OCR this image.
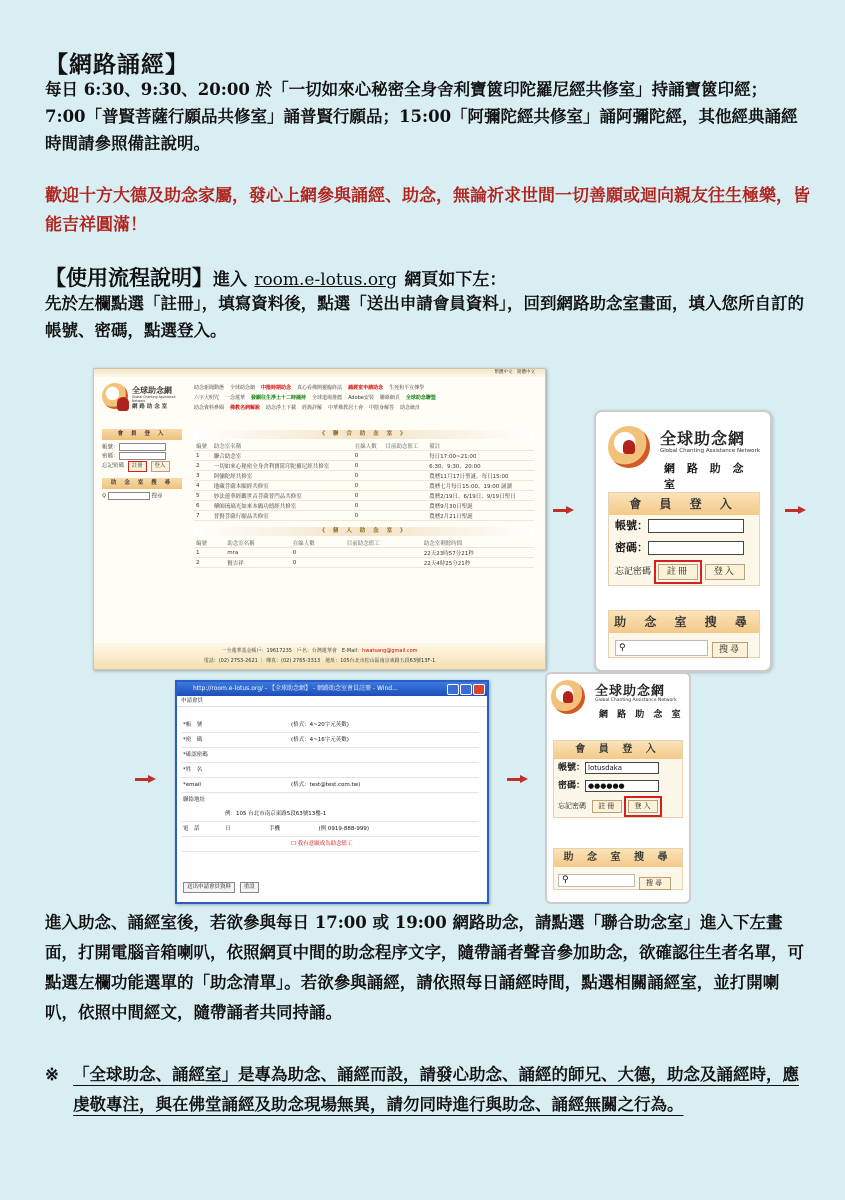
【網路誦經】
每日 6:30、9:30、20:00 於「一切如來心秘密全身舍利寶篋印陀羅尼經共修室」持誦寶篋印經；7:00「普賢菩薩行願品共修室」誦普賢行願品；15:00「阿彌陀經共修室」誦阿彌陀經，其他經典誦經時間請參照備註說明。
歡迎十方大德及助念家屬，發心上網參與誦經、助念，無論祈求世間一切善願或迴向親友往生極樂，皆能吉祥圓滿！
【使用流程說明】進入 room.e-lotus.org 網頁如下左：
先於左欄點選「註冊」，填寫資料後，點選「送出申請會員資料」，回到網路助念室畫面，填入您所自訂的帳號、密碼，點選登入。
繁體中文　簡體中文
全球助念網
Global Chanting Assistance Network
網 路 助 念 室
助念新聞動態 全球助念網 中陰時期助念 真心看佛開靈臨終法 誦經室申請助念 生死和平宣傳學
六字大明咒 一念蓮華 發願往生淨土十二時誦持 全球道場推薦 Adobe安裝 聯絡網頁 全球助念聯盟
助念資料參閱 佛教名詞解說 助念淨土下載 經典詳解 中華佛教居士會 中陰身解答 助念統計
會 員 登 入
帳號：
密碼：
忘記密碼 註冊 登入
助 念 室 搜 尋
⚲	搜尋
《 聯 合 助 念 室 》
編號	助念室名稱	在線人數	目前助念監工	備註
1	聯合助念室	0		每日17:00~21:00
2	一切如來心秘密全身舍利寶篋印陀羅尼經共修室	0		6:30、9:30、20:00
3	阿彌陀經共修室	0		農曆11月17日聖誕，每日15:00
4	地藏菩薩本願經共修室	0		農曆七月每日15:00、19:00 誦讀
5	妙法蓮華經觀世音菩薩普門品共修室	0		農曆2/19日、6/19日、9/19日聖日
6	藥師琉璃光如來本願功德經共修室	0		農曆9月30日聖誕
7	普賢菩薩行願品共修室	0		農曆2月21日聖誕
《 個 人 助 念 室 》
編號	助念室名稱	在線人數	目前助念監工	助念室剩餘時間
1	mra	0		22天23時57分21秒
2	賢吉祥	0		22天4時25分21秒
一全蓮華基金帳戶：19617235　戶名：台灣蓮華會　E-Mail：hwatsang@gmail.com
電話：(02) 2753-2621 ｜ 傳真：(02) 2765-3313　地址：105台北市松山區南京東路五段63號13F-1
全球助念網
Global Chanting Assistance Network
網 路 助 念 室
會 員 登 入
帳號：
密碼：
忘記密碼 註冊	登入
助 念 室 搜 尋
⚲	搜尋
http://room.e-lotus.org/ - 【全球助念網】 - 網路助念室會員註冊 - Wind...
申請會員
*帳　號	(格式：4~20字元英數)
*密　碼	(格式：4~16字元英數)
*確認密碼
*姓　名
*email	(格式：test@test.com.tw)
聯絡地址
例：105 台北市南京東路5段63號13樓-1
電　話	日　　　　　　　手機　　　　　　　(例 0919-888-999)
☐ 我有意願成為助念監工
送出申請會員資料 重設
全球助念網
Global Chanting Assistance Network
網 路 助 念 室
會 員 登 入
帳號： lotusdaka
密碼： ●●●●●●
忘記密碼 註冊	登入
助 念 室 搜 尋
⚲	搜尋
進入助念、誦經室後，若欲參與每日 17:00 或 19:00 網路助念，請點選「聯合助念室」進入下左畫面，打開電腦音箱喇叭，依照網頁中間的助念程序文字，隨帶誦者聲音參加助念，欲確認往生者名單，可點選左欄功能選單的「助念清單」。若欲參與誦經，請依照每日誦經時間，點選相關誦經室，並打開喇叭，依照中間經文，隨帶誦者共同持誦。
※ 「全球助念、誦經室」是專為助念、誦經而設，請發心助念、誦經的師兄、大德，助念及誦經時，應虔敬專注，與在佛堂誦經及助念現場無異，請勿同時進行與助念、誦經無關之行為。
